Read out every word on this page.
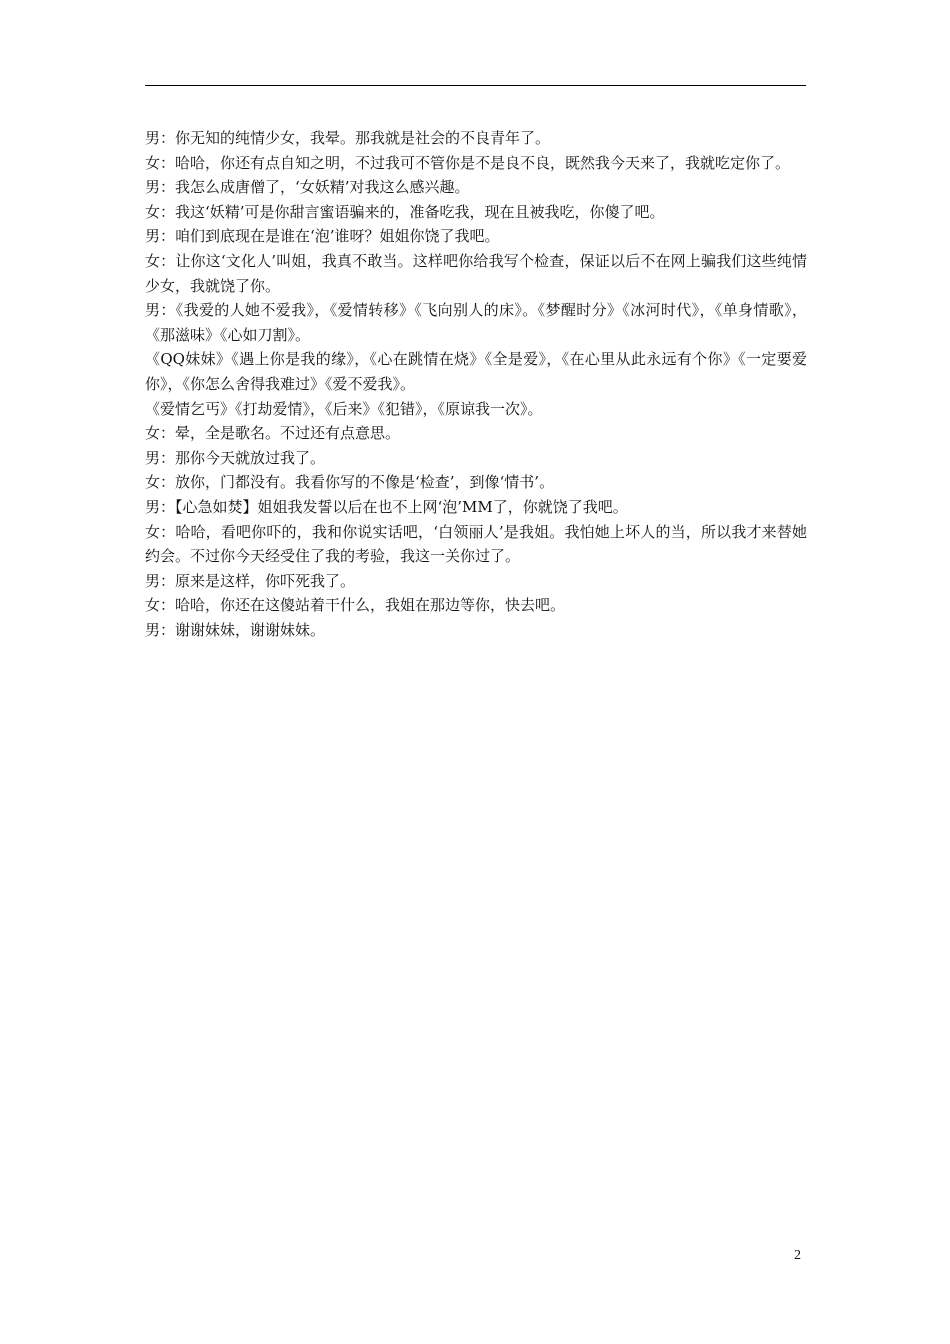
男：你无知的纯情少女，我晕。那我就是社会的不良青年了。

女：哈哈，你还有点自知之明，不过我可不管你是不是良不良，既然我今天来了，我就吃定你了。

男：我怎么成唐僧了，‘女妖精’对我这么感兴趣。

女：我这‘妖精’可是你甜言蜜语骗来的，准备吃我，现在且被我吃，你傻了吧。

男：咱们到底现在是谁在‘泡’谁呀？姐姐你饶了我吧。

女：让你这‘文化人’叫姐，我真不敢当。这样吧你给我写个检查，保证以后不在网上骗我们这些纯情少女，我就饶了你。

男：《我爱的人她不爱我》，《爱情转移》《飞向别人的床》。《梦醒时分》《冰河时代》，《单身情歌》，《那滋味》《心如刀割》。

《QQ妹妹》《遇上你是我的缘》，《心在跳情在烧》《全是爱》，《在心里从此永远有个你》《一定要爱你》，《你怎么舍得我难过》《爱不爱我》。

《爱情乞丐》《打劫爱情》，《后来》《犯错》，《原谅我一次》。

女：晕，全是歌名。不过还有点意思。

男：那你今天就放过我了。

女：放你，门都没有。我看你写的不像是‘检查’，到像‘情书’。

男：【心急如焚】姐姐我发誓以后在也不上网‘泡’MM了，你就饶了我吧。

女：哈哈，看吧你吓的，我和你说实话吧，‘白领丽人’是我姐。我怕她上坏人的当，所以我才来替她约会。不过你今天经受住了我的考验，我这一关你过了。

男：原来是这样，你吓死我了。

女：哈哈，你还在这傻站着干什么，我姐在那边等你，快去吧。

男：谢谢妹妹，谢谢妹妹。

2
